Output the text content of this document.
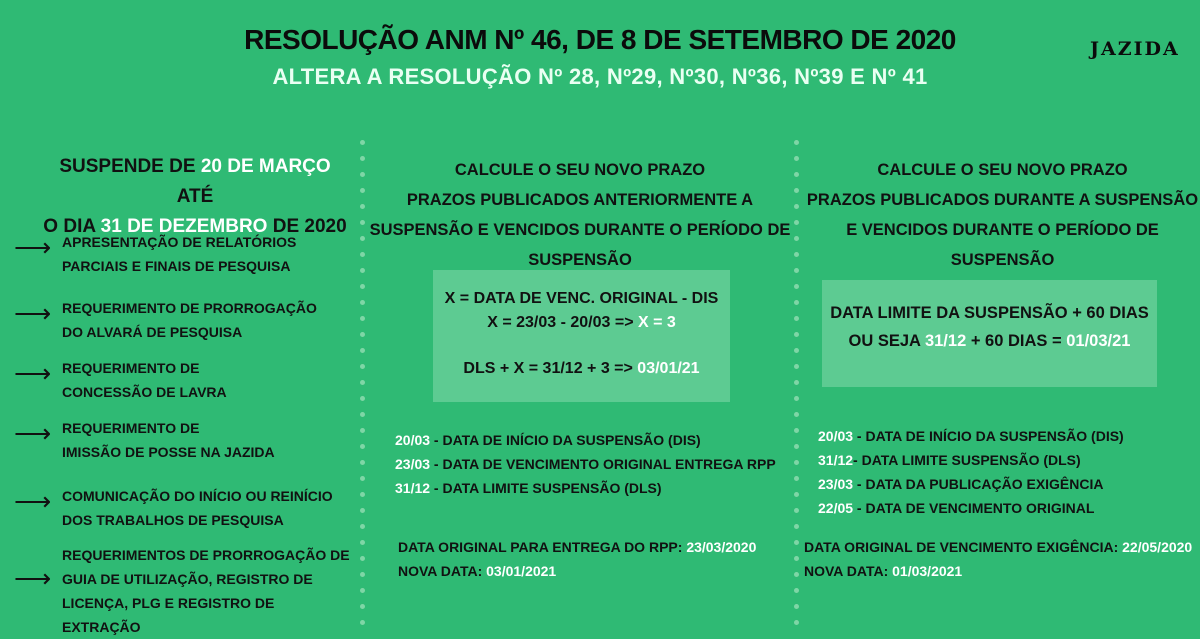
RESOLUÇÃO ANM Nº 46, DE 8 DE SETEMBRO DE 2020
ALTERA A RESOLUÇÃO Nº 28, Nº29, Nº30, Nº36, Nº39 E Nº 41
JAZIDA
SUSPENDE DE 20 DE MARÇO ATÉ
O DIA 31 DE DEZEMBRO DE 2020
⟶ APRESENTAÇÃO DE RELATÓRIOS
PARCIAIS E FINAIS DE PESQUISA
⟶ REQUERIMENTO DE PRORROGAÇÃO
DO ALVARÁ DE PESQUISA
⟶ REQUERIMENTO DE
CONCESSÃO DE LAVRA
⟶ REQUERIMENTO DE
IMISSÃO DE POSSE NA JAZIDA
⟶ COMUNICAÇÃO DO INÍCIO OU REINÍCIO
DOS TRABALHOS DE PESQUISA
⟶
REQUERIMENTOS DE PRORROGAÇÃO DE
GUIA DE UTILIZAÇÃO, REGISTRO DE
LICENÇA, PLG E REGISTRO DE EXTRAÇÃO
CALCULE O SEU NOVO PRAZO
PRAZOS PUBLICADOS ANTERIORMENTE A
SUSPENSÃO E VENCIDOS DURANTE O PERÍODO DE
SUSPENSÃO
X = DATA DE VENC. ORIGINAL - DIS
X = 23/03 - 20/03 => X = 3
DLS + X = 31/12 + 3 => 03/01/21
20/03 - DATA DE INÍCIO DA SUSPENSÃO (DIS)
23/03 - DATA DE VENCIMENTO ORIGINAL ENTREGA RPP
31/12 - DATA LIMITE SUSPENSÃO (DLS)
DATA ORIGINAL PARA ENTREGA DO RPP: 23/03/2020
NOVA DATA: 03/01/2021
CALCULE O SEU NOVO PRAZO
PRAZOS PUBLICADOS DURANTE A SUSPENSÃO
E VENCIDOS DURANTE O PERÍODO DE
SUSPENSÃO
DATA LIMITE DA SUSPENSÃO + 60 DIAS
OU SEJA 31/12 + 60 DIAS = 01/03/21
20/03 - DATA DE INÍCIO DA SUSPENSÃO (DIS)
31/12- DATA LIMITE SUSPENSÃO (DLS)
23/03 - DATA DA PUBLICAÇÃO EXIGÊNCIA
22/05 - DATA DE VENCIMENTO ORIGINAL
DATA ORIGINAL DE VENCIMENTO EXIGÊNCIA: 22/05/2020
NOVA DATA: 01/03/2021
